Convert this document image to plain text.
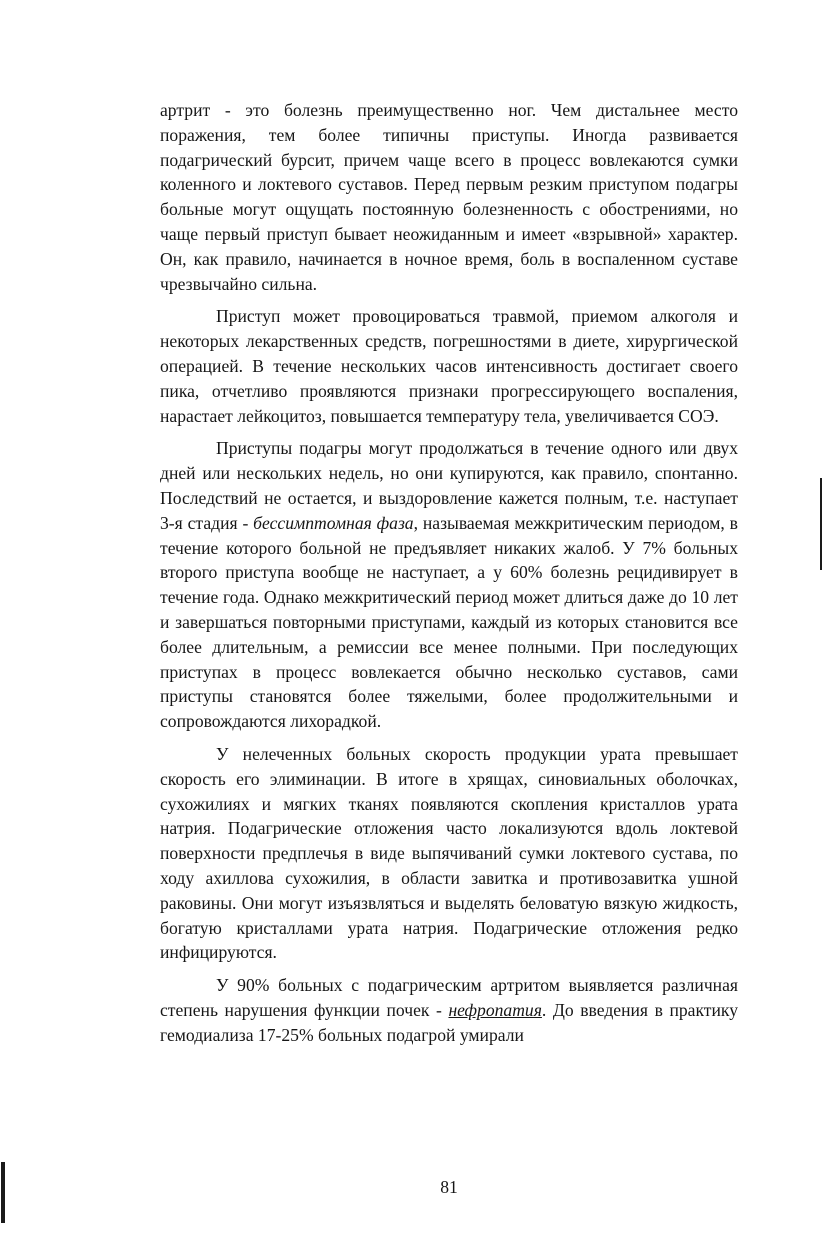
артрит - это болезнь преимущественно ног. Чем дистальнее место поражения, тем более типичны приступы. Иногда развивается подагрический бурсит, причем чаще всего в процесс вовлекаются сумки коленного и локтевого суставов. Перед первым резким приступом подагры больные могут ощущать постоянную болезненность с обострениями, но чаще первый приступ бывает неожиданным и имеет «взрывной» характер. Он, как правило, начинается в ночное время, боль в воспаленном суставе чрезвычайно сильна.

Приступ может провоцироваться травмой, приемом алкоголя и некоторых лекарственных средств, погрешностями в диете, хирургической операцией. В течение нескольких часов интенсивность достигает своего пика, отчетливо проявляются признаки прогрессирующего воспаления, нарастает лейкоцитоз, повышается температуру тела, увеличивается СОЭ.

Приступы подагры могут продолжаться в течение одного или двух дней или нескольких недель, но они купируются, как правило, спонтанно. Последствий не остается, и выздоровление кажется полным, т.е. наступает 3-я стадия - бессимптомная фаза, называемая межкритическим периодом, в течение которого больной не предъявляет никаких жалоб. У 7% больных второго приступа вообще не наступает, а у 60% болезнь рецидивирует в течение года. Однако межкритический период может длиться даже до 10 лет и завершаться повторными приступами, каждый из которых становится все более длительным, а ремиссии все менее полными. При последующих приступах в процесс вовлекается обычно несколько суставов, сами приступы становятся более тяжелыми, более продолжительными и сопровождаются лихорадкой.

У нелеченных больных скорость продукции урата превышает скорость его элиминации. В итоге в хрящах, синовиальных оболочках, сухожилиях и мягких тканях появляются скопления кристаллов урата натрия. Подагрические отложения часто локализуются вдоль локтевой поверхности предплечья в виде выпячиваний сумки локтевого сустава, по ходу ахиллова сухожилия, в области завитка и противозавитка ушной раковины. Они могут изъязвляться и выделять беловатую вязкую жидкость, богатую кристаллами урата натрия. Подагрические отложения редко инфицируются.

У 90% больных с подагрическим артритом выявляется различная степень нарушения функции почек - нефропатия. До введения в практику гемодиализа 17-25% больных подагрой умирали

81
